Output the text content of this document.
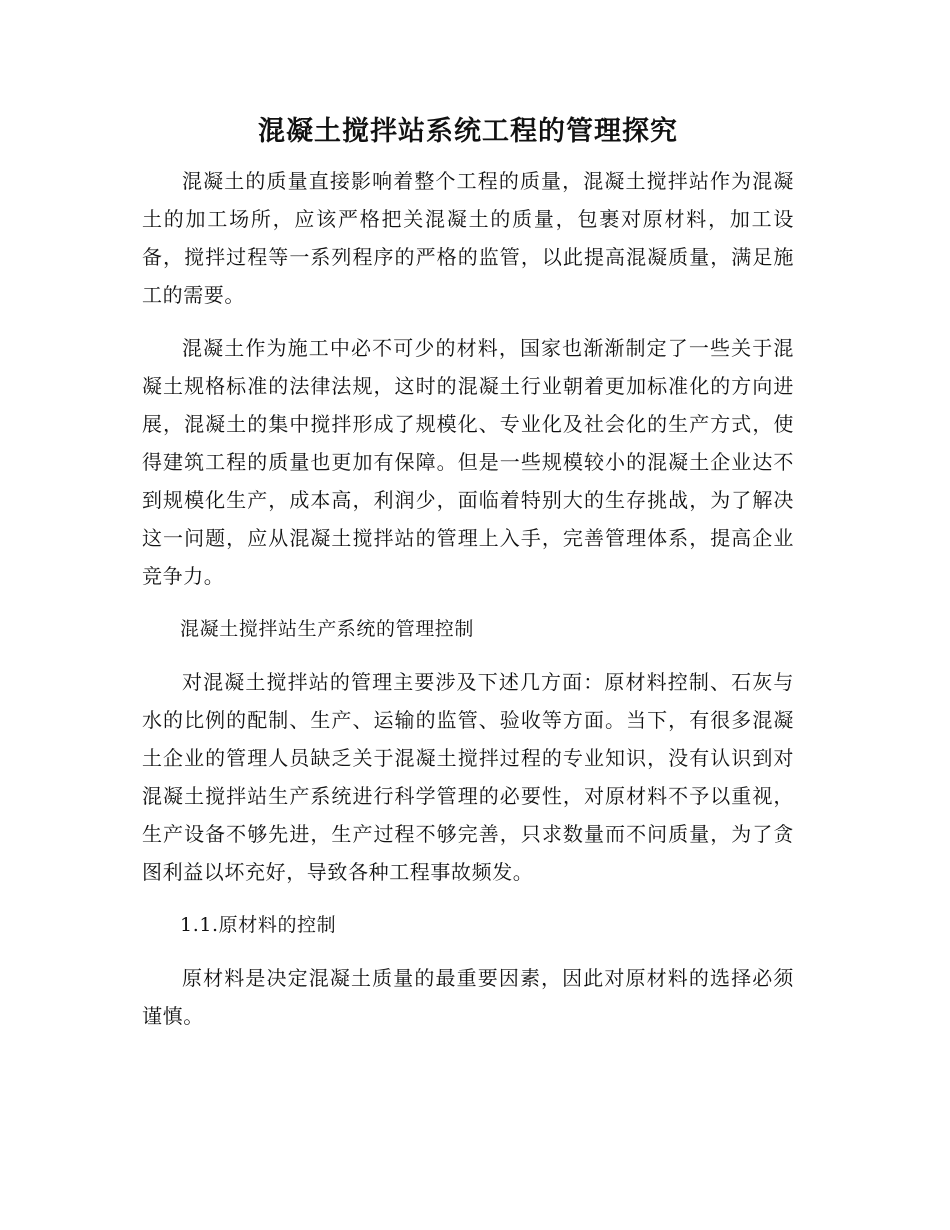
混凝土搅拌站系统工程的管理探究

混凝土的质量直接影响着整个工程的质量，混凝土搅拌站作为混凝土的加工场所，应该严格把关混凝土的质量，包裹对原材料，加工设备，搅拌过程等一系列程序的严格的监管，以此提高混凝质量，满足施工的需要。

混凝土作为施工中必不可少的材料，国家也渐渐制定了一些关于混凝土规格标准的法律法规，这时的混凝土行业朝着更加标准化的方向进展，混凝土的集中搅拌形成了规模化、专业化及社会化的生产方式，使得建筑工程的质量也更加有保障。但是一些规模较小的混凝土企业达不到规模化生产，成本高，利润少，面临着特别大的生存挑战，为了解决这一问题，应从混凝土搅拌站的管理上入手，完善管理体系，提高企业竞争力。

混凝土搅拌站生产系统的管理控制

对混凝土搅拌站的管理主要涉及下述几方面：原材料控制、石灰与水的比例的配制、生产、运输的监管、验收等方面。当下，有很多混凝土企业的管理人员缺乏关于混凝土搅拌过程的专业知识，没有认识到对混凝土搅拌站生产系统进行科学管理的必要性，对原材料不予以重视，生产设备不够先进，生产过程不够完善，只求数量而不问质量，为了贪图利益以坏充好，导致各种工程事故频发。

1.1.原材料的控制

原材料是决定混凝土质量的最重要因素，因此对原材料的选择必须谨慎。
